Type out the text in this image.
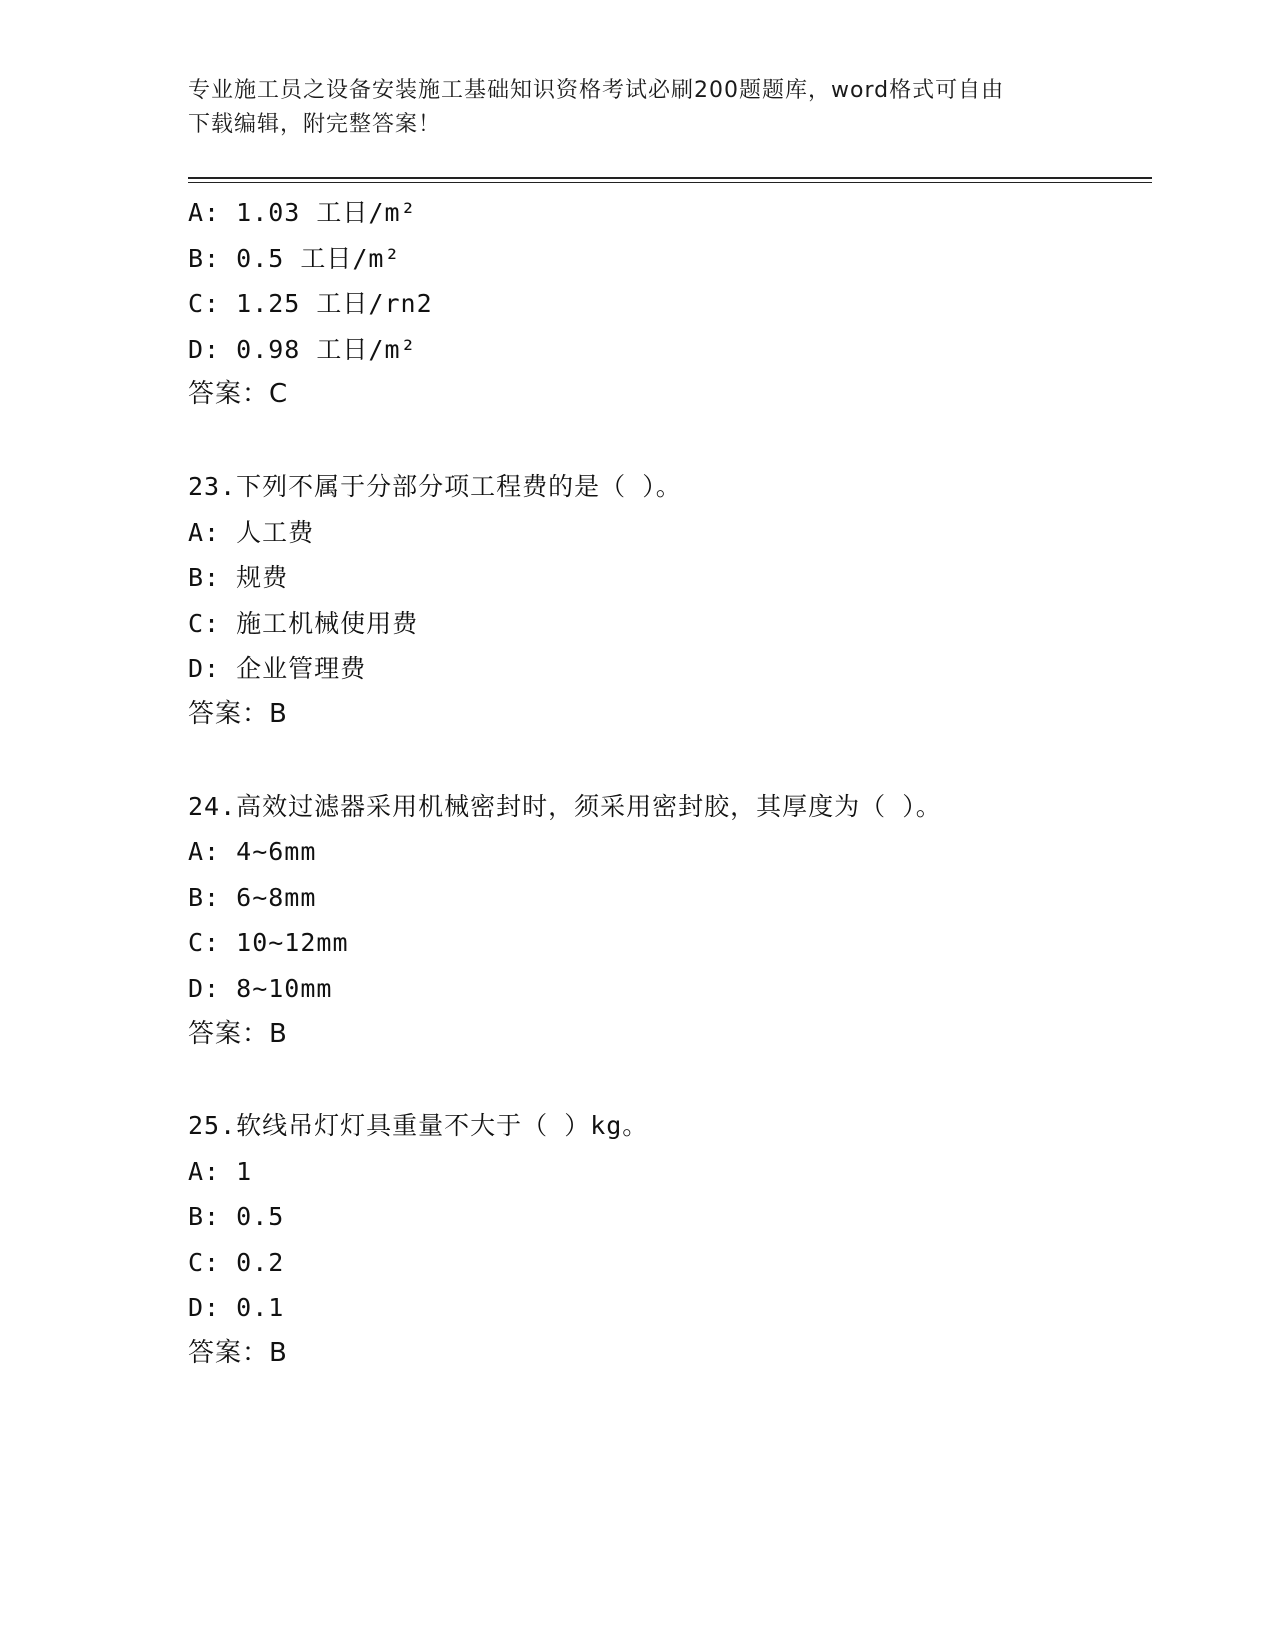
专业施工员之设备安装施工基础知识资格考试必刷200题题库，word格式可自由
下载编辑，附完整答案！
A: 1.03 工日/m²
B: 0.5 工日/m²
C: 1.25 工日/rn2
D: 0.98 工日/m²
答案：C
23.下列不属于分部分项工程费的是（ ）。
A: 人工费
B: 规费
C: 施工机械使用费
D: 企业管理费
答案：B
24.高效过滤器采用机械密封时，须采用密封胶，其厚度为（ ）。
A: 4~6mm
B: 6~8mm
C: 10~12mm
D: 8~10mm
答案：B
25.软线吊灯灯具重量不大于（ ）kg。
A: 1
B: 0.5
C: 0.2
D: 0.1
答案：B
